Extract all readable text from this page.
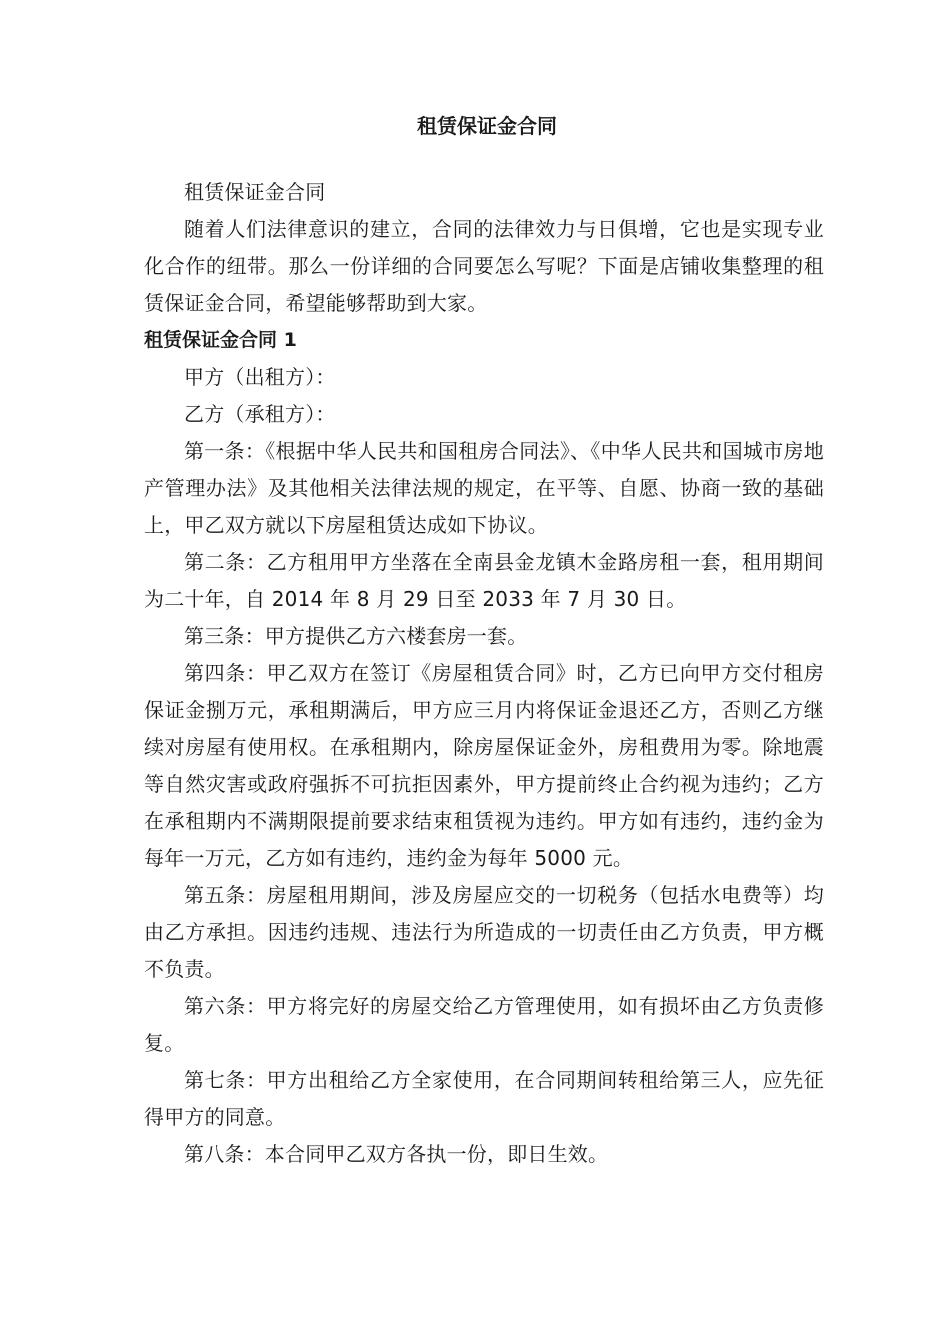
租赁保证金合同

租赁保证金合同

随着人们法律意识的建立，合同的法律效力与日俱增，它也是实现专业化合作的纽带。那么一份详细的合同要怎么写呢？下面是店铺收集整理的租赁保证金合同，希望能够帮助到大家。

租赁保证金合同 1

甲方（出租方）：

乙方（承租方）：

第一条：《根据中华人民共和国租房合同法》、《中华人民共和国城市房地产管理办法》及其他相关法律法规的规定，在平等、自愿、协商一致的基础上，甲乙双方就以下房屋租赁达成如下协议。

第二条：乙方租用甲方坐落在全南县金龙镇木金路房租一套，租用期间为二十年，自 2014 年 8 月 29 日至 2033 年 7 月 30 日。

第三条：甲方提供乙方六楼套房一套。

第四条：甲乙双方在签订《房屋租赁合同》时，乙方已向甲方交付租房保证金捌万元，承租期满后，甲方应三月内将保证金退还乙方，否则乙方继续对房屋有使用权。在承租期内，除房屋保证金外，房租费用为零。除地震等自然灾害或政府强拆不可抗拒因素外，甲方提前终止合约视为违约；乙方在承租期内不满期限提前要求结束租赁视为违约。甲方如有违约，违约金为每年一万元，乙方如有违约，违约金为每年 5000 元。

第五条：房屋租用期间，涉及房屋应交的一切税务（包括水电费等）均由乙方承担。因违约违规、违法行为所造成的一切责任由乙方负责，甲方概不负责。

第六条：甲方将完好的房屋交给乙方管理使用，如有损坏由乙方负责修复。

第七条：甲方出租给乙方全家使用，在合同期间转租给第三人，应先征得甲方的同意。

第八条：本合同甲乙双方各执一份，即日生效。
